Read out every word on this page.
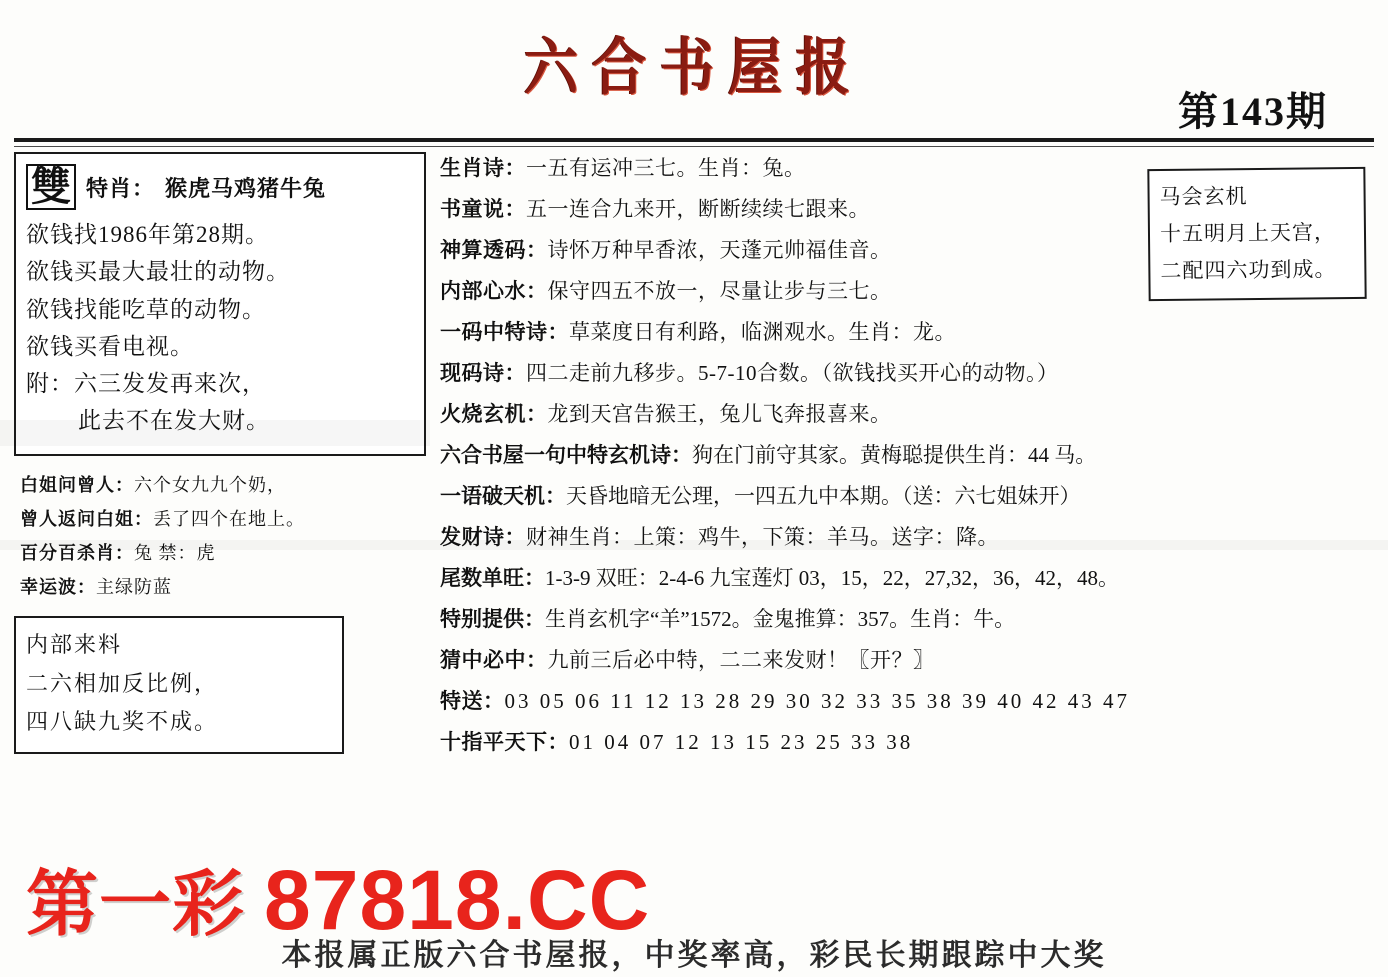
六合书屋报
第143期
雙 特肖： 猴虎马鸡猪牛兔
欲钱找1986年第28期。
欲钱买最大最壮的动物。
欲钱找能吃草的动物。
欲钱买看电视。
附：六三发发再来次，
此去不在发大财。
白姐问曾人：六个女九九个奶，
曾人返问白姐：丢了四个在地上。
百分百杀肖：兔 禁：虎
幸运波：主绿防蓝
内部来料
二六相加反比例，
四八缺九奖不成。
生肖诗：一五有运冲三七。生肖：兔。
书童说：五一连合九来开，断断续续七跟来。
神算透码：诗怀万种早香浓，天蓬元帅福佳音。
内部心水：保守四五不放一，尽量让步与三七。
一码中特诗：草菜度日有利路，临渊观水。生肖：龙。
现码诗：四二走前九移步。5-7-10合数。（欲钱找买开心的动物。）
火烧玄机：龙到天宫告猴王，兔儿飞奔报喜来。
六合书屋一句中特玄机诗：狗在门前守其家。黄梅聪提供生肖：44 马。
一语破天机：天昏地暗无公理，一四五九中本期。（送：六七姐妹开）
发财诗：财神生肖：上策：鸡牛，下策：羊马。送字：降。
尾数单旺：1-3-9 双旺：2-4-6 九宝莲灯 03，15，22，27,32，36，42，48。
特别提供：生肖玄机字“羊”1572。金鬼推算：357。生肖：牛。
猜中必中：九前三后必中特，二二来发财！〖开？〗
特送：03 05 06 11 12 13 28 29 30 32 33 35 38 39 40 42 43 47
十指平天下：01 04 07 12 13 15 23 25 33 38
马会玄机
十五明月上天宫，
二配四六功到成。
第一彩 87818.CC
本报属正版六合书屋报，中奖率高，彩民长期跟踪中大奖
